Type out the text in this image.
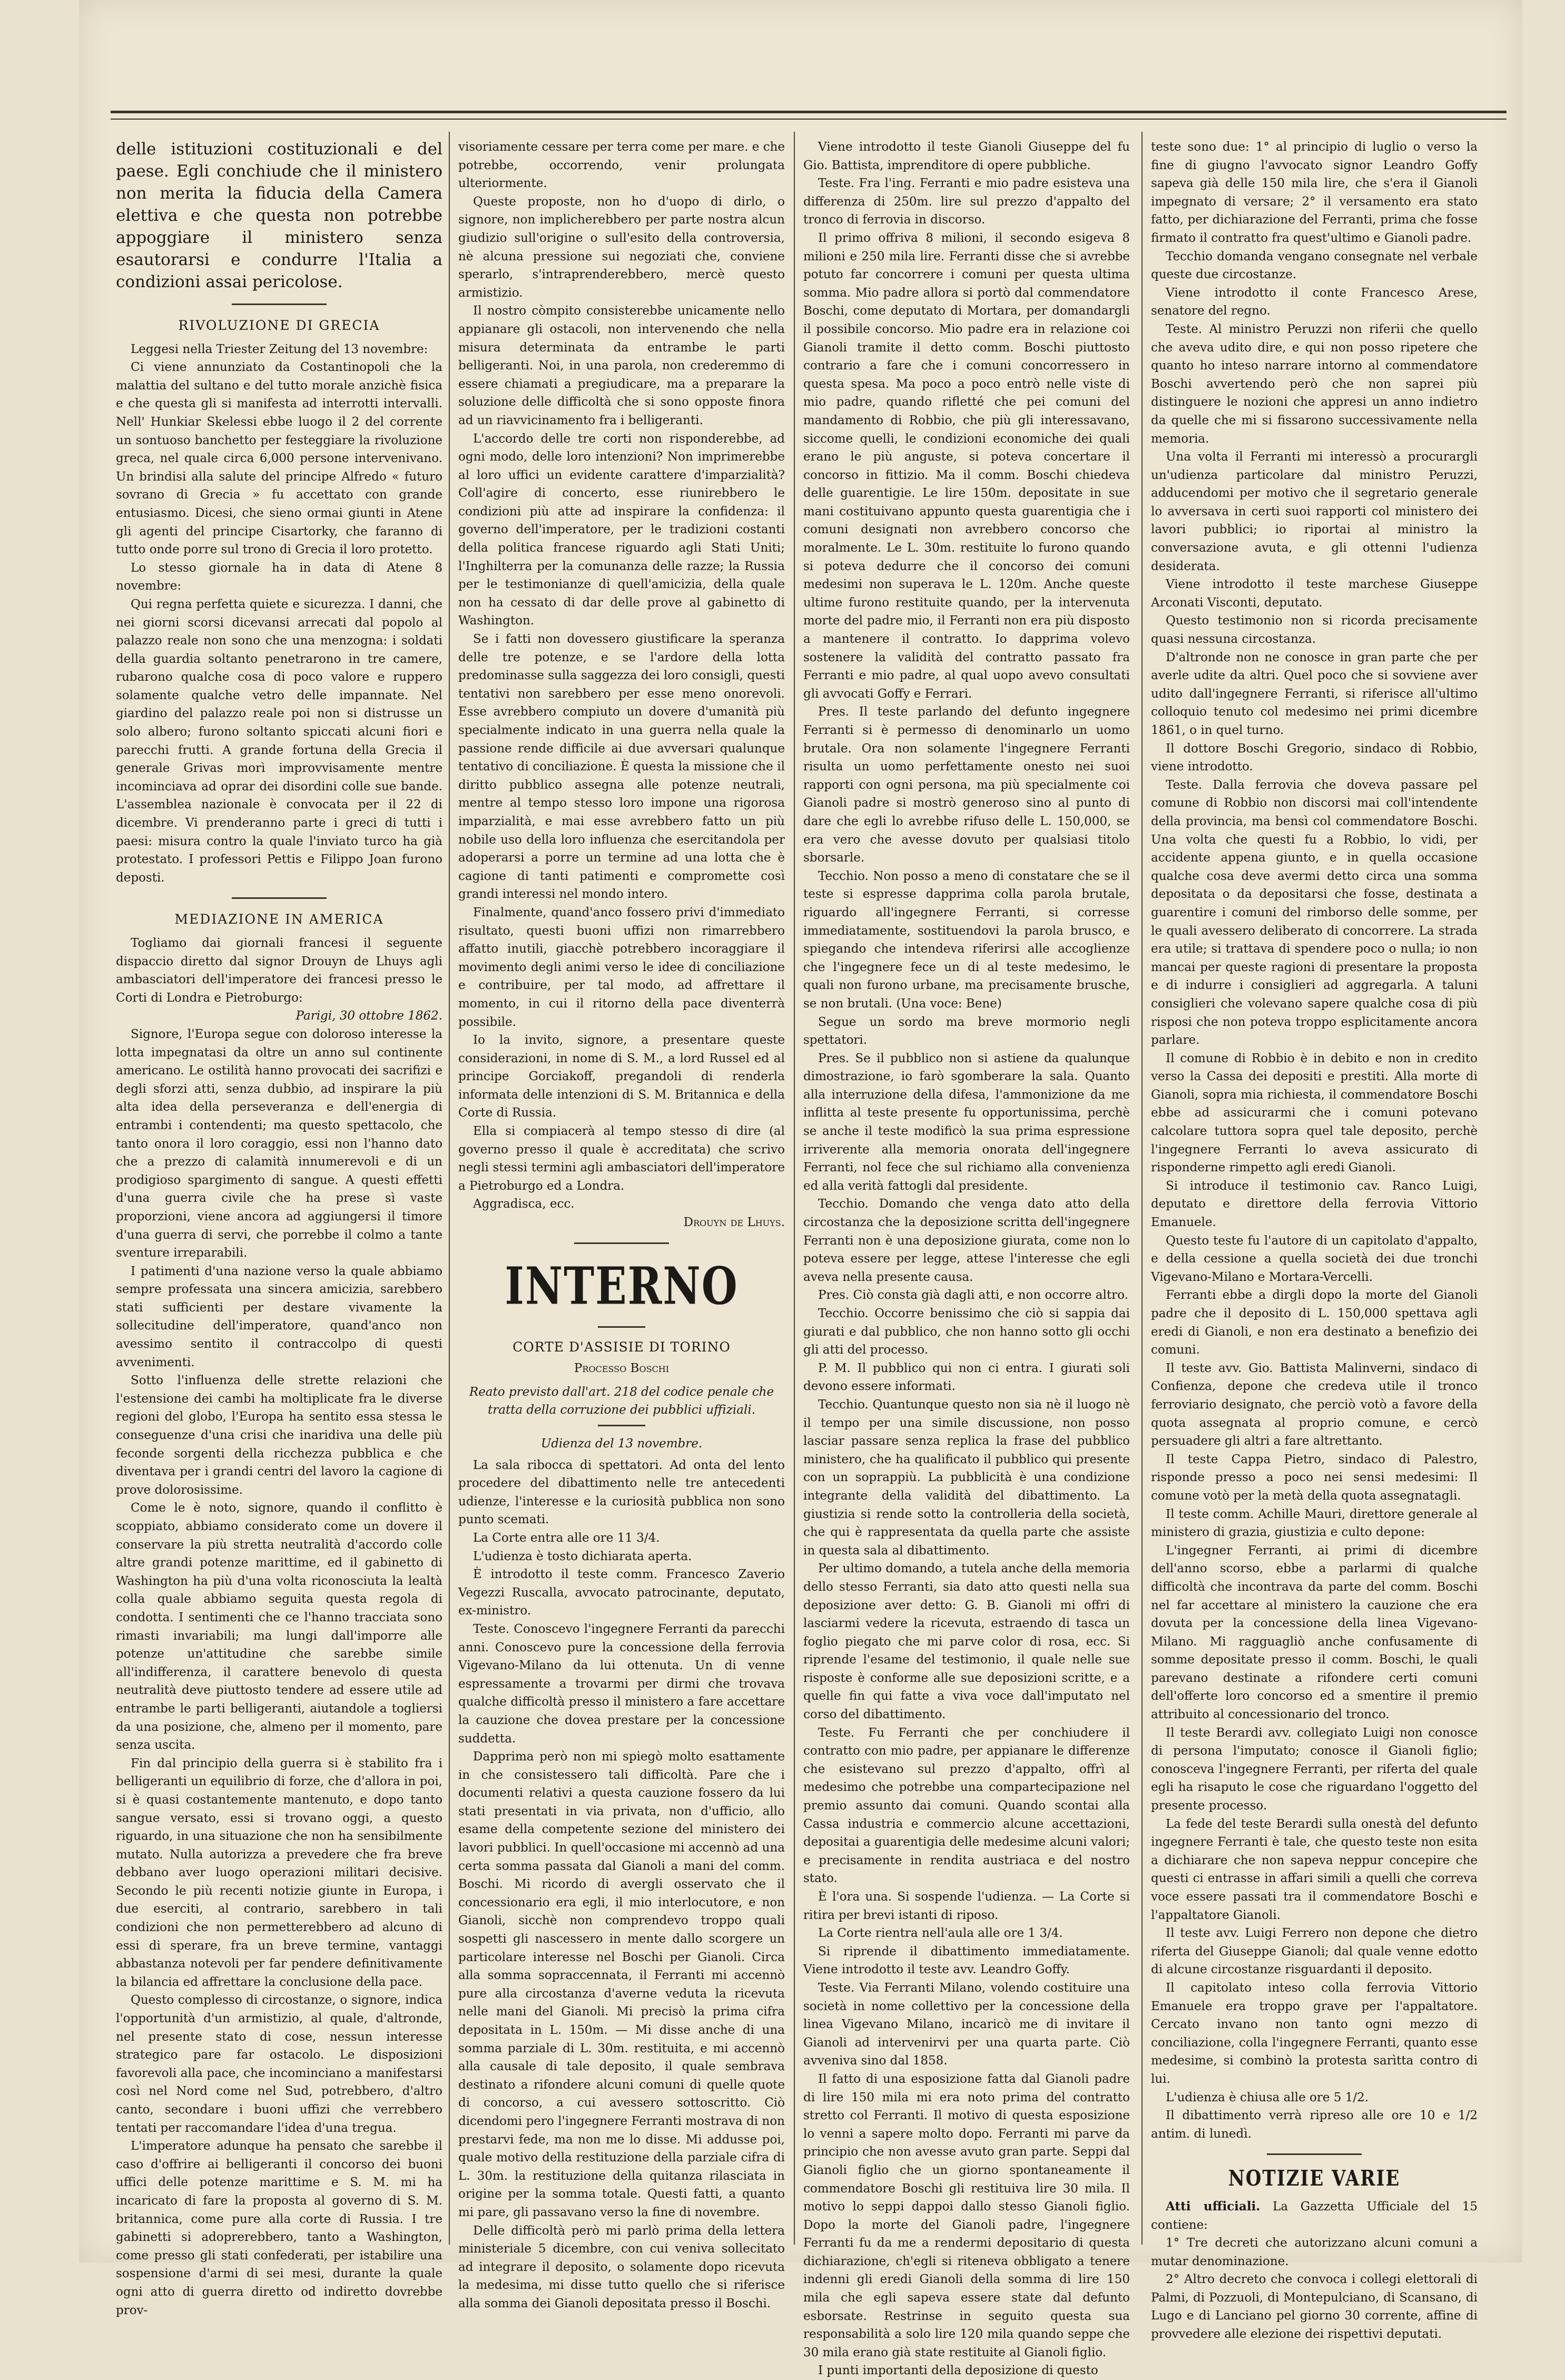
delle istituzioni costituzionali e del paese. Egli conchiude che il ministero non merita la fiducia della Camera elettiva e che questa non potrebbe appoggiare il ministero senza esautorarsi e condurre l'Italia a condizioni assai pericolose.

RIVOLUZIONE DI GRECIA

Leggesi nella Triester Zeitung del 13 novembre:

Ci viene annunziato da Costantinopoli che la malattia del sultano e del tutto morale anzichè fisica e che questa gli si manifesta ad interrotti intervalli. Nell' Hunkiar Skelessi ebbe luogo il 2 del corrente un sontuoso banchetto per festeggiare la rivoluzione greca, nel quale circa 6,000 persone intervenivano. Un brindisi alla salute del principe Alfredo « futuro sovrano di Grecia » fu accettato con grande entusiasmo. Dicesi, che sieno ormai giunti in Atene gli agenti del principe Cisartorky, che faranno di tutto onde porre sul trono di Grecia il loro protetto.

Lo stesso giornale ha in data di Atene 8 novembre:

Qui regna perfetta quiete e sicurezza. I danni, che nei giorni scorsi dicevansi arrecati dal popolo al palazzo reale non sono che una menzogna: i soldati della guardia soltanto penetrarono in tre camere, rubarono qualche cosa di poco valore e ruppero solamente qualche vetro delle impannate. Nel giardino del palazzo reale poi non si distrusse un solo albero; furono soltanto spiccati alcuni fiori e parecchi frutti. A grande fortuna della Grecia il generale Grivas morì improvvisamente mentre incominciava ad oprar dei disordini colle sue bande. L'assemblea nazionale è convocata per il 22 di dicembre. Vi prenderanno parte i greci di tutti i paesi: misura contro la quale l'inviato turco ha già protestato. I professori Pettis e Filippo Joan furono deposti.

MEDIAZIONE IN AMERICA

Togliamo dai giornali francesi il seguente dispaccio diretto dal signor Drouyn de Lhuys agli ambasciatori dell'imperatore dei francesi presso le Corti di Londra e Pietroburgo:

Parigi, 30 ottobre 1862.

Signore, l'Europa segue con doloroso interesse la lotta impegnatasi da oltre un anno sul continente americano. Le ostilità hanno provocati dei sacrifizi e degli sforzi atti, senza dubbio, ad inspirare la più alta idea della perseveranza e dell'energia di entrambi i contendenti; ma questo spettacolo, che tanto onora il loro coraggio, essi non l'hanno dato che a prezzo di calamità innumerevoli e di un prodigioso spargimento di sangue. A questi effetti d'una guerra civile che ha prese sì vaste proporzioni, viene ancora ad aggiungersi il timore d'una guerra di servi, che porrebbe il colmo a tante sventure irreparabili.

I patimenti d'una nazione verso la quale abbiamo sempre professata una sincera amicizia, sarebbero stati sufficienti per destare vivamente la sollecitudine dell'imperatore, quand'anco non avessimo sentito il contraccolpo di questi avvenimenti.

Sotto l'influenza delle strette relazioni che l'estensione dei cambi ha moltiplicate fra le diverse regioni del globo, l'Europa ha sentito essa stessa le conseguenze d'una crisi che inaridiva una delle più feconde sorgenti della ricchezza pubblica e che diventava per i grandi centri del lavoro la cagione di prove dolorosissime.

Come le è noto, signore, quando il conflitto è scoppiato, abbiamo considerato come un dovere il conservare la più stretta neutralità d'accordo colle altre grandi potenze marittime, ed il gabinetto di Washington ha più d'una volta riconosciuta la lealtà colla quale abbiamo seguita questa regola di condotta. I sentimenti che ce l'hanno tracciata sono rimasti invariabili; ma lungi dall'imporre alle potenze un'attitudine che sarebbe simile all'indifferenza, il carattere benevolo di questa neutralità deve piuttosto tendere ad essere utile ad entrambe le parti belligeranti, aiutandole a togliersi da una posizione, che, almeno per il momento, pare senza uscita.

Fin dal principio della guerra si è stabilito fra i belligeranti un equilibrio di forze, che d'allora in poi, si è quasi costantemente mantenuto, e dopo tanto sangue versato, essi si trovano oggi, a questo riguardo, in una situazione che non ha sensibilmente mutato. Nulla autorizza a prevedere che fra breve debbano aver luogo operazioni militari decisive. Secondo le più recenti notizie giunte in Europa, i due eserciti, al contrario, sarebbero in tali condizioni che non permetterebbero ad alcuno di essi di sperare, fra un breve termine, vantaggi abbastanza notevoli per far pendere definitivamente la bilancia ed affrettare la conclusione della pace.

Questo complesso di circostanze, o signore, indica l'opportunità d'un armistizio, al quale, d'altronde, nel presente stato di cose, nessun interesse strategico pare far ostacolo. Le disposizioni favorevoli alla pace, che incominciano a manifestarsi così nel Nord come nel Sud, potrebbero, d'altro canto, secondare i buoni uffizi che verrebbero tentati per raccomandare l'idea d'una tregua.

L'imperatore adunque ha pensato che sarebbe il caso d'offrire ai belligeranti il concorso dei buoni uffici delle potenze marittime e S. M. mi ha incaricato di fare la proposta al governo di S. M. britannica, come pure alla corte di Russia. I tre gabinetti si adoprerebbero, tanto a Washington, come presso gli stati confederati, per istabilire una sospensione d'armi di sei mesi, durante la quale ogni atto di guerra diretto od indiretto dovrebbe prov-

visoriamente cessare per terra come per mare. e che potrebbe, occorrendo, venir prolungata ulteriormente.

Queste proposte, non ho d'uopo di dirlo, o signore, non implicherebbero per parte nostra alcun giudizio sull'origine o sull'esito della controversia, nè alcuna pressione sui negoziati che, conviene sperarlo, s'intraprenderebbero, mercè questo armistizio.

Il nostro còmpito consisterebbe unicamente nello appianare gli ostacoli, non intervenendo che nella misura determinata da entrambe le parti belligeranti. Noi, in una parola, non crederemmo di essere chiamati a pregiudicare, ma a preparare la soluzione delle difficoltà che si sono opposte finora ad un riavvicinamento fra i belligeranti.

L'accordo delle tre corti non risponderebbe, ad ogni modo, delle loro intenzioni? Non imprimerebbe al loro uffici un evidente carattere d'imparzialità? Coll'agire di concerto, esse riunirebbero le condizioni più atte ad inspirare la confidenza: il governo dell'imperatore, per le tradizioni costanti della politica francese riguardo agli Stati Uniti; l'Inghilterra per la comunanza delle razze; la Russia per le testimonianze di quell'amicizia, della quale non ha cessato di dar delle prove al gabinetto di Washington.

Se i fatti non dovessero giustificare la speranza delle tre potenze, e se l'ardore della lotta predominasse sulla saggezza dei loro consigli, questi tentativi non sarebbero per esse meno onorevoli. Esse avrebbero compiuto un dovere d'umanità più specialmente indicato in una guerra nella quale la passione rende difficile ai due avversari qualunque tentativo di conciliazione. È questa la missione che il diritto pubblico assegna alle potenze neutrali, mentre al tempo stesso loro impone una rigorosa imparzialità, e mai esse avrebbero fatto un più nobile uso della loro influenza che esercitandola per adoperarsi a porre un termine ad una lotta che è cagione di tanti patimenti e compromette così grandi interessi nel mondo intero.

Finalmente, quand'anco fossero privi d'immediato risultato, questi buoni uffizi non rimarrebbero affatto inutili, giacchè potrebbero incoraggiare il movimento degli animi verso le idee di conciliazione e contribuire, per tal modo, ad affrettare il momento, in cui il ritorno della pace diventerrà possibile.

Io la invito, signore, a presentare queste considerazioni, in nome di S. M., a lord Russel ed al principe Gorciakoff, pregandoli di renderla informata delle intenzioni di S. M. Britannica e della Corte di Russia.

Ella si compiacerà al tempo stesso di dire (al governo presso il quale è accreditata) che scrivo negli stessi termini agli ambasciatori dell'imperatore a Pietroburgo ed a Londra.

Aggradisca, ecc.

Drouyn de Lhuys.

INTERNO
CORTE D'ASSISIE DI TORINO
Processo Boschi

Reato previsto dall'art. 218 del codice penale che tratta della corruzione dei pubblici uffiziali.

Udienza del 13 novembre.

La sala ribocca di spettatori. Ad onta del lento procedere del dibattimento nelle tre antecedenti udienze, l'interesse e la curiosità pubblica non sono punto scemati.

La Corte entra alle ore 11 3/4.

L'udienza è tosto dichiarata aperta.

È introdotto il teste comm. Francesco Zaverio Vegezzi Ruscalla, avvocato patrocinante, deputato, ex-ministro.

Teste. Conoscevo l'ingegnere Ferranti da parecchi anni. Conoscevo pure la concessione della ferrovia Vigevano-Milano da lui ottenuta. Un di venne espressamente a trovarmi per dirmi che trovava qualche difficoltà presso il ministero a fare accettare la cauzione che dovea prestare per la concessione suddetta.

Dapprima però non mi spiegò molto esattamente in che consistessero tali difficoltà. Pare che i documenti relativi a questa cauzione fossero da lui stati presentati in via privata, non d'ufficio, allo esame della competente sezione del ministero dei lavori pubblici. In quell'occasione mi accennò ad una certa somma passata dal Gianoli a mani del comm. Boschi. Mi ricordo di avergli osservato che il concessionario era egli, il mio interlocutore, e non Gianoli, sicchè non comprendevo troppo quali sospetti gli nascessero in mente dallo scorgere un particolare interesse nel Boschi per Gianoli. Circa alla somma sopraccennata, il Ferranti mi accennò pure alla circostanza d'averne veduta la ricevuta nelle mani del Gianoli. Mi precisò la prima cifra depositata in L. 150m. — Mi disse anche di una somma parziale di L. 30m. restituita, e mi accennò alla causale di tale deposito, il quale sembrava destinato a rifondere alcuni comuni di quelle quote di concorso, a cui avessero sottoscritto. Ciò dicendomi pero l'ingegnere Ferranti mostrava di non prestarvi fede, ma non me lo disse. Mi addusse poi, quale motivo della restituzione della parziale cifra di L. 30m. la restituzione della quitanza rilasciata in origine per la somma totale. Questi fatti, a quanto mi pare, gli passavano verso la fine di novembre.

Delle difficoltà però mi parlò prima della lettera ministeriale 5 dicembre, con cui veniva sollecitato ad integrare il deposito, o solamente dopo ricevuta la medesima, mi disse tutto quello che si riferisce alla somma dei Gianoli depositata presso il Boschi.

Viene introdotto il teste Gianoli Giuseppe del fu Gio. Battista, imprenditore di opere pubbliche.

Teste. Fra l'ing. Ferranti e mio padre esisteva una differenza di 250m. lire sul prezzo d'appalto del tronco di ferrovia in discorso.

Il primo offriva 8 milioni, il secondo esigeva 8 milioni e 250 mila lire. Ferranti disse che si avrebbe potuto far concorrere i comuni per questa ultima somma. Mio padre allora si portò dal commendatore Boschi, come deputato di Mortara, per domandargli il possibile concorso. Mio padre era in relazione coi Gianoli tramite il detto comm. Boschi piuttosto contrario a fare che i comuni concorressero in questa spesa. Ma poco a poco entrò nelle viste di mio padre, quando rifletté che pei comuni del mandamento di Robbio, che più gli interessavano, siccome quelli, le condizioni economiche dei quali erano le più anguste, si poteva concertare il concorso in fittizio. Ma il comm. Boschi chiedeva delle guarentigie. Le lire 150m. depositate in sue mani costituivano appunto questa guarentigia che i comuni designati non avrebbero concorso che moralmente. Le L. 30m. restituite lo furono quando si poteva dedurre che il concorso dei comuni medesimi non superava le L. 120m. Anche queste ultime furono restituite quando, per la intervenuta morte del padre mio, il Ferranti non era più disposto a mantenere il contratto. Io dapprima volevo sostenere la validità del contratto passato fra Ferranti e mio padre, al qual uopo avevo consultati gli avvocati Goffy e Ferrari.

Pres. Il teste parlando del defunto ingegnere Ferranti si è permesso di denominarlo un uomo brutale. Ora non solamente l'ingegnere Ferranti risulta un uomo perfettamente onesto nei suoi rapporti con ogni persona, ma più specialmente coi Gianoli padre si mostrò generoso sino al punto di dare che egli lo avrebbe rifuso delle L. 150,000, se era vero che avesse dovuto per qualsiasi titolo sborsarle.

Tecchio. Non posso a meno di constatare che se il teste si espresse dapprima colla parola brutale, riguardo all'ingegnere Ferranti, si corresse immediatamente, sostituendovi la parola brusco, e spiegando che intendeva riferirsi alle accoglienze che l'ingegnere fece un di al teste medesimo, le quali non furono urbane, ma precisamente brusche, se non brutali. (Una voce: Bene)

Segue un sordo ma breve mormorio negli spettatori.

Pres. Se il pubblico non si astiene da qualunque dimostrazione, io farò sgomberare la sala. Quanto alla interruzione della difesa, l'ammonizione da me inflitta al teste presente fu opportunissima, perchè se anche il teste modificò la sua prima espressione irriverente alla memoria onorata dell'ingegnere Ferranti, nol fece che sul richiamo alla convenienza ed alla verità fattogli dal presidente.

Tecchio. Domando che venga dato atto della circostanza che la deposizione scritta dell'ingegnere Ferranti non è una deposizione giurata, come non lo poteva essere per legge, attese l'interesse che egli aveva nella presente causa.

Pres. Ciò consta già dagli atti, e non occorre altro.

Tecchio. Occorre benissimo che ciò si sappia dai giurati e dal pubblico, che non hanno sotto gli occhi gli atti del processo.

P. M. Il pubblico qui non ci entra. I giurati soli devono essere informati.

Tecchio. Quantunque questo non sia nè il luogo nè il tempo per una simile discussione, non posso lasciar passare senza replica la frase del pubblico ministero, che ha qualificato il pubblico qui presente con un soprappiù. La pubblicità è una condizione integrante della validità del dibattimento. La giustizia si rende sotto la controlleria della società, che qui è rappresentata da quella parte che assiste in questa sala al dibattimento.

Per ultimo domando, a tutela anche della memoria dello stesso Ferranti, sia dato atto questi nella sua deposizione aver detto: G. B. Gianoli mi offri di lasciarmi vedere la ricevuta, estraendo di tasca un foglio piegato che mi parve color di rosa, ecc. Si riprende l'esame del testimonio, il quale nelle sue risposte è conforme alle sue deposizioni scritte, e a quelle fin qui fatte a viva voce dall'imputato nel corso del dibattimento.

Teste. Fu Ferranti che per conchiudere il contratto con mio padre, per appianare le differenze che esistevano sul prezzo d'appalto, offrì al medesimo che potrebbe una compartecipazione nel premio assunto dai comuni. Quando scontai alla Cassa industria e commercio alcune accettazioni, depositai a guarentigia delle medesime alcuni valori; e precisamente in rendita austriaca e del nostro stato.

È l'ora una. Si sospende l'udienza. — La Corte si ritira per brevi istanti di riposo.

La Corte rientra nell'aula alle ore 1 3/4.

Si riprende il dibattimento immediatamente. Viene introdotto il teste avv. Leandro Goffy.

Teste. Via Ferranti Milano, volendo costituire una società in nome collettivo per la concessione della linea Vigevano Milano, incaricò me di invitare il Gianoli ad intervenirvi per una quarta parte. Ciò avveniva sino dal 1858.

Il fatto di una esposizione fatta dal Gianoli padre di lire 150 mila mi era noto prima del contratto stretto col Ferranti. Il motivo di questa esposizione lo venni a sapere molto dopo. Ferranti mi parve da principio che non avesse avuto gran parte. Seppi dal Gianoli figlio che un giorno spontaneamente il commendatore Boschi gli restituiva lire 30 mila. Il motivo lo seppi dappoi dallo stesso Gianoli figlio. Dopo la morte del Gianoli padre, l'ingegnere Ferranti fu da me a rendermi depositario di questa dichiarazione, ch'egli si riteneva obbligato a tenere indenni gli eredi Gianoli della somma di lire 150 mila che egli sapeva essere state dal defunto esborsate. Restrinse in seguito questa sua responsabilità a solo lire 120 mila quando seppe che 30 mila erano già state restituite al Gianoli figlio.

I punti importanti della deposizione di questo

teste sono due: 1° al principio di luglio o verso la fine di giugno l'avvocato signor Leandro Goffy sapeva già delle 150 mila lire, che s'era il Gianoli impegnato di versare; 2° il versamento era stato fatto, per dichiarazione del Ferranti, prima che fosse firmato il contratto fra quest'ultimo e Gianoli padre.

Tecchio domanda vengano consegnate nel verbale queste due circostanze.

Viene introdotto il conte Francesco Arese, senatore del regno.

Teste. Al ministro Peruzzi non riferii che quello che aveva udito dire, e qui non posso ripetere che quanto ho inteso narrare intorno al commendatore Boschi avvertendo però che non saprei più distinguere le nozioni che appresi un anno indietro da quelle che mi si fissarono successivamente nella memoria.

Una volta il Ferranti mi interessò a procurargli un'udienza particolare dal ministro Peruzzi, adducendomi per motivo che il segretario generale lo avversava in certi suoi rapporti col ministero dei lavori pubblici; io riportai al ministro la conversazione avuta, e gli ottenni l'udienza desiderata.

Viene introdotto il teste marchese Giuseppe Arconati Visconti, deputato.

Questo testimonio non si ricorda precisamente quasi nessuna circostanza.

D'altronde non ne conosce in gran parte che per averle udite da altri. Quel poco che si sovviene aver udito dall'ingegnere Ferranti, si riferisce all'ultimo colloquio tenuto col medesimo nei primi dicembre 1861, o in quel turno.

Il dottore Boschi Gregorio, sindaco di Robbio, viene introdotto.

Teste. Dalla ferrovia che doveva passare pel comune di Robbio non discorsi mai coll'intendente della provincia, ma bensì col commendatore Boschi. Una volta che questi fu a Robbio, lo vidi, per accidente appena giunto, e in quella occasione qualche cosa deve avermi detto circa una somma depositata o da depositarsi che fosse, destinata a guarentire i comuni del rimborso delle somme, per le quali avessero deliberato di concorrere. La strada era utile; si trattava di spendere poco o nulla; io non mancai per queste ragioni di presentare la proposta e di indurre i consiglieri ad aggregarla. A taluni consiglieri che volevano sapere qualche cosa di più risposi che non poteva troppo esplicitamente ancora parlare.

Il comune di Robbio è in debito e non in credito verso la Cassa dei depositi e prestiti. Alla morte di Gianoli, sopra mia richiesta, il commendatore Boschi ebbe ad assicurarmi che i comuni potevano calcolare tuttora sopra quel tale deposito, perchè l'ingegnere Ferranti lo aveva assicurato di risponderne rimpetto agli eredi Gianoli.

Si introduce il testimonio cav. Ranco Luigi, deputato e direttore della ferrovia Vittorio Emanuele.

Questo teste fu l'autore di un capitolato d'appalto, e della cessione a quella società dei due tronchi Vigevano-Milano e Mortara-Vercelli.

Ferranti ebbe a dirgli dopo la morte del Gianoli padre che il deposito di L. 150,000 spettava agli eredi di Gianoli, e non era destinato a benefizio dei comuni.

Il teste avv. Gio. Battista Malinverni, sindaco di Confienza, depone che credeva utile il tronco ferroviario designato, che perciò votò a favore della quota assegnata al proprio comune, e cercò persuadere gli altri a fare altrettanto.

Il teste Cappa Pietro, sindaco di Palestro, risponde presso a poco nei sensi medesimi: Il comune votò per la metà della quota assegnatagli.

Il teste comm. Achille Mauri, direttore generale al ministero di grazia, giustizia e culto depone:

L'ingegner Ferranti, ai primi di dicembre dell'anno scorso, ebbe a parlarmi di qualche difficoltà che incontrava da parte del comm. Boschi nel far accettare al ministero la cauzione che era dovuta per la concessione della linea Vigevano-Milano. Mi ragguagliò anche confusamente di somme depositate presso il comm. Boschi, le quali parevano destinate a rifondere certi comuni dell'offerte loro concorso ed a smentire il premio attribuito al concessionario del tronco.

Il teste Berardi avv. collegiato Luigi non conosce di persona l'imputato; conosce il Gianoli figlio; conosceva l'ingegnere Ferranti, per riferta del quale egli ha risaputo le cose che riguardano l'oggetto del presente processo.

La fede del teste Berardi sulla onestà del defunto ingegnere Ferranti è tale, che questo teste non esita a dichiarare che non sapeva neppur concepire che questi ci entrasse in affari simili a quelli che correva voce essere passati tra il commendatore Boschi e l'appaltatore Gianoli.

Il teste avv. Luigi Ferrero non depone che dietro riferta del Giuseppe Gianoli; dal quale venne edotto di alcune circostanze risguardanti il deposito.

Il capitolato inteso colla ferrovia Vittorio Emanuele era troppo grave per l'appaltatore. Cercato invano non tanto ogni mezzo di conciliazione, colla l'ingegnere Ferranti, quanto esse medesime, si combinò la protesta sarìtta contro di lui.

L'udienza è chiusa alle ore 5 1/2.

Il dibattimento verrà ripreso alle ore 10 e 1/2 antim. di lunedì.

NOTIZIE VARIE

Atti ufficiali. La Gazzetta Ufficiale del 15 contiene:

1° Tre decreti che autorizzano alcuni comuni a mutar denominazione.

2° Altro decreto che convoca i collegi elettorali di Palmi, di Pozzuoli, di Montepulciano, di Scansano, di Lugo e di Lanciano pel giorno 30 corrente, affine di provvedere alle elezione dei rispettivi deputati.
